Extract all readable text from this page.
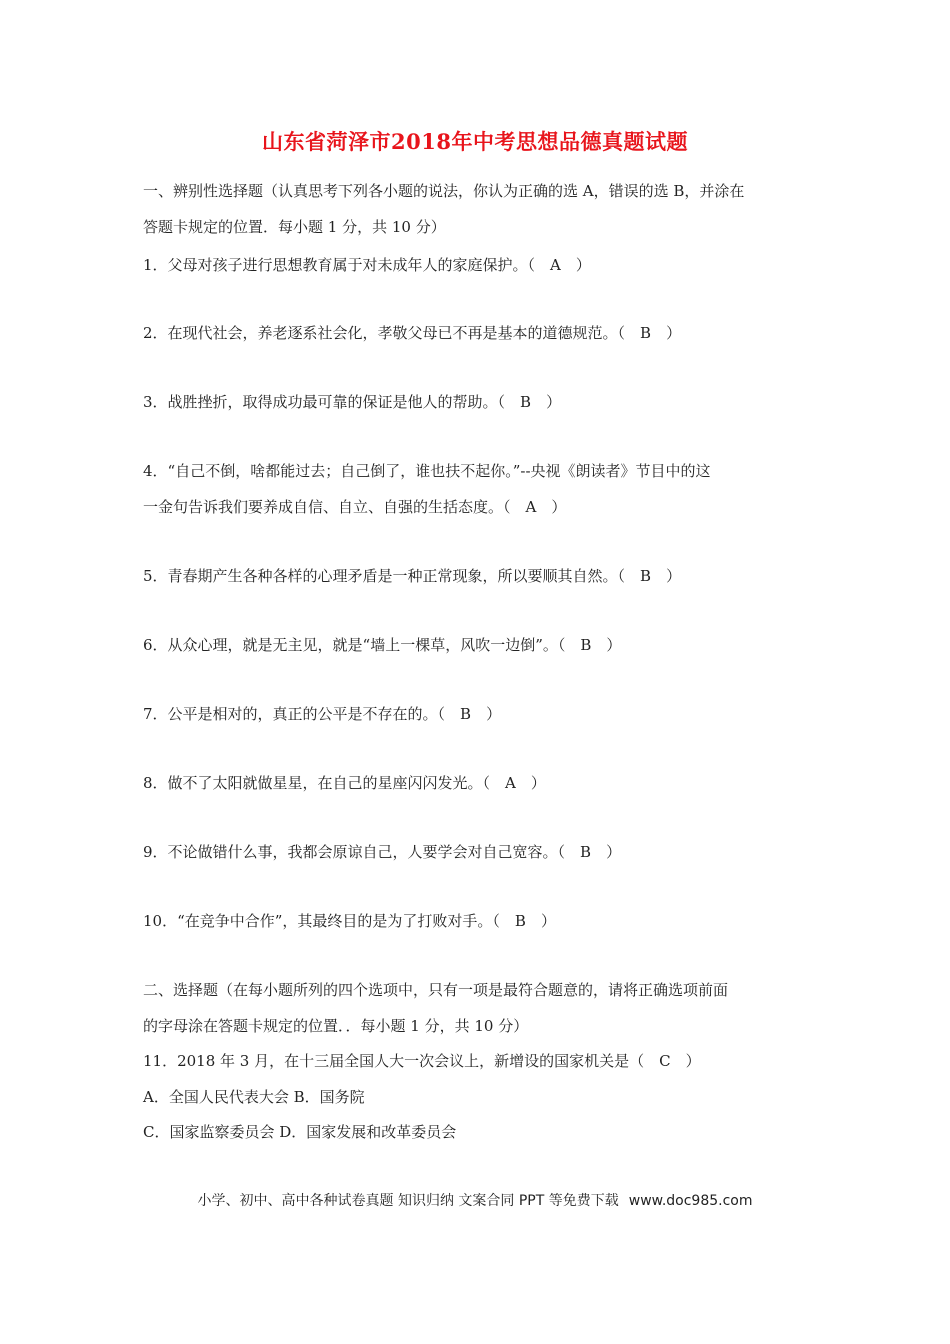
山东省菏泽市2018年中考思想品德真题试题
一、辨别性选择题（认真思考下列各小题的说法，你认为正确的选 A，错误的选 B，并涂在
答题卡规定的位置．每小题 1 分，共 10 分）
1．父母对孩子进行思想教育属于对未成年人的家庭保护。（　A　）
2．在现代社会，养老逐系社会化，孝敬父母已不再是基本的道德规范。（　B　）
3．战胜挫折，取得成功最可靠的保证是他人的帮助。（　B　）
4．“自己不倒，啥都能过去；自己倒了，谁也扶不起你。”--央视《朗读者》节目中的这
一金句告诉我们要养成自信、自立、自强的生括态度。（　A　）
5．青春期产生各种各样的心理矛盾是一种正常现象，所以要顺其自然。（　B　）
6．从众心理，就是无主见，就是“墙上一棵草，风吹一边倒”。（　B　）
7．公平是相对的，真正的公平是不存在的。（　B　）
8．做不了太阳就做星星，在自己的星座闪闪发光。（　A　）
9．不论做错什么事，我都会原谅自己，人要学会对自己宽容。（　B　）
10．“在竞争中合作”，其最终目的是为了打败对手。（　B　）
二、选择题（在每小题所列的四个选项中，只有一项是最符合题意的，请将正确选项前面
的字母涂在答题卡规定的位置．．每小题 1 分，共 10 分）
11．2018 年 3 月，在十三届全国人大一次会议上，新增设的国家机关是（　C　）
A．全国人民代表大会 B．国务院
C．国家监察委员会 D．国家发展和改革委员会
小学、初中、高中各种试卷真题 知识归纳 文案合同 PPT 等免费下载 www.doc985.com
